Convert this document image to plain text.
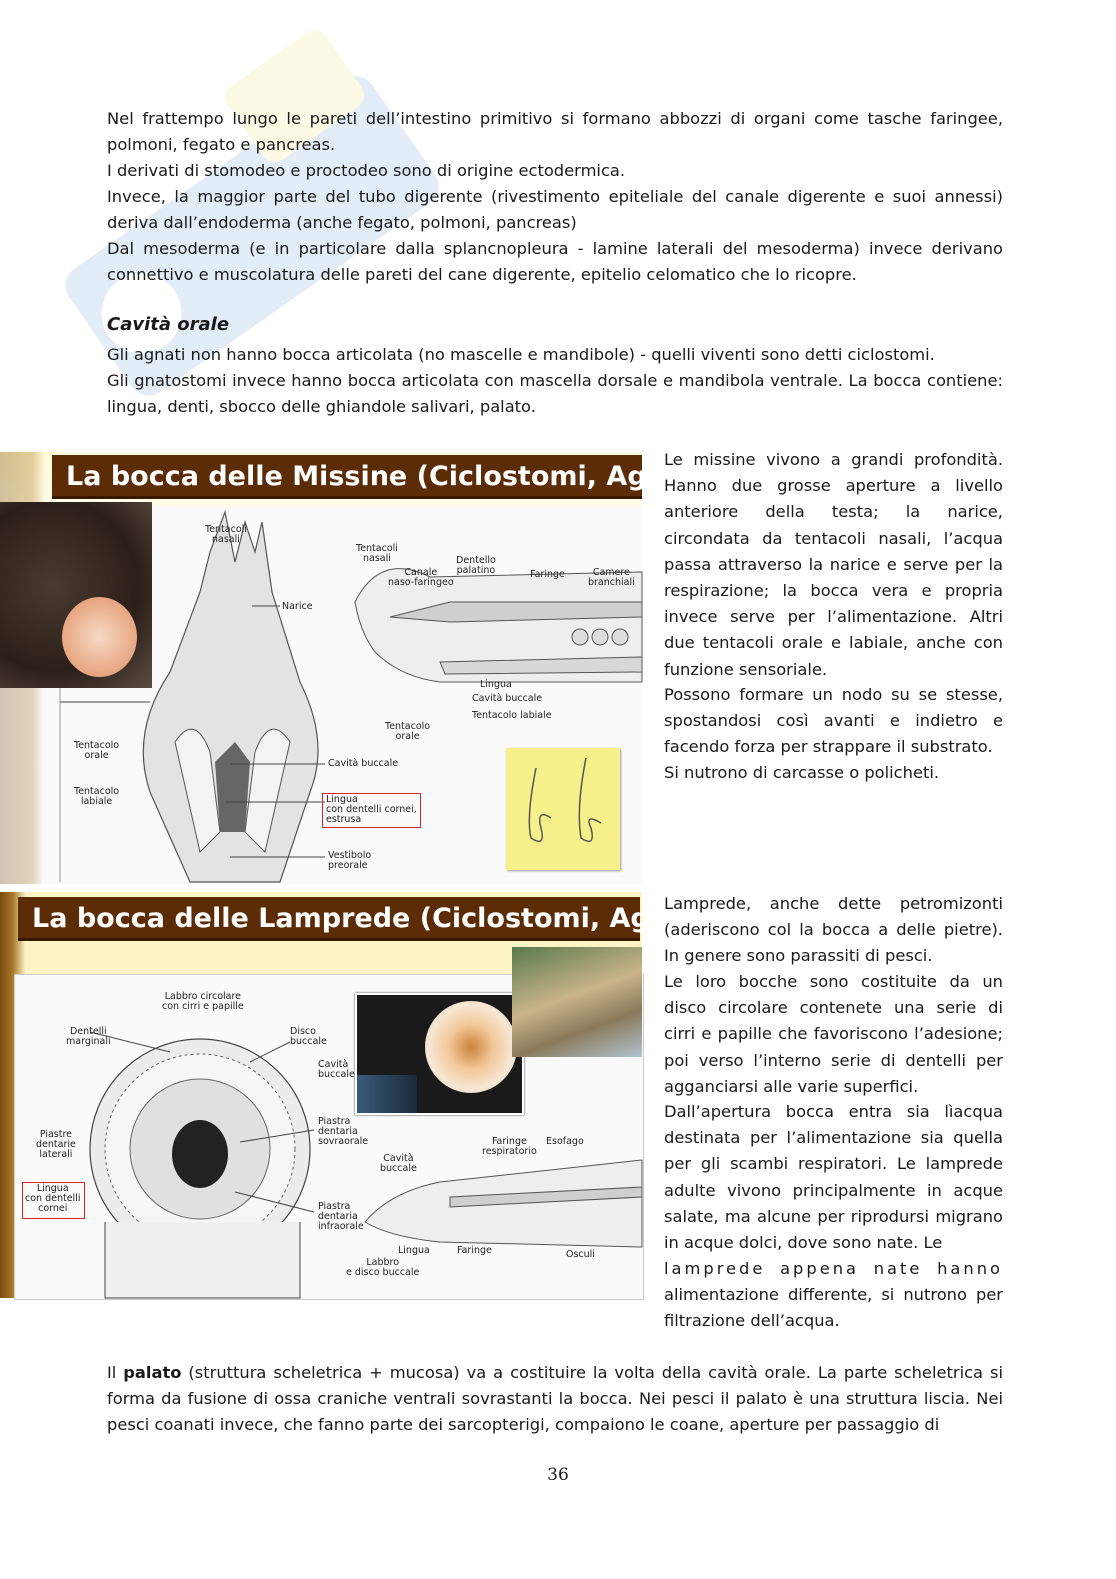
Nel frattempo lungo le pareti dell’intestino primitivo si formano abbozzi di organi come tasche faringee, polmoni, fegato e pancreas.

I derivati di stomodeo e proctodeo sono di origine ectodermica.

Invece, la maggior parte del tubo digerente (rivestimento epiteliale del canale digerente e suoi annessi) deriva dall’endoderma (anche fegato, polmoni, pancreas)

Dal mesoderma (e in particolare dalla splancnopleura - lamine laterali del mesoderma) invece derivano connettivo e muscolatura delle pareti del cane digerente, epitelio celomatico che lo ricopre.

Cavità orale

Gli agnati non hanno bocca articolata (no mascelle e mandibole) - quelli viventi sono detti ciclostomi.

Gli gnatostomi invece hanno bocca articolata con mascella dorsale e mandibola ventrale. La bocca contiene: lingua, denti, sbocco delle ghiandole salivari, palato.

La bocca delle Missine (Ciclostomi, Agnati)
Tentacoli
nasali
Narice
Tentacoli
nasali
Canale
naso-faringeo
Dentello
palatino	Faringe	Camere
branchiali
Lingua
Cavità buccale
Tentacolo labiale
Tentacolo
orale
Tentacolo
orale
Cavità buccale
Tentacolo
labiale	Lingua
con dentelli cornei,
estrusa
Vestibolo
preorale

Le missine vivono a grandi profondità. Hanno due grosse aperture a livello anteriore della testa; la narice, circondata da tentacoli nasali, l’acqua passa attraverso la narice e serve per la respirazione; la bocca vera e propria invece serve per l’alimentazione. Altri due tentacoli orale e labiale, anche con funzione sensoriale.

Possono formare un nodo su se stesse, spostandosi così avanti e indietro e facendo forza per strappare il substrato.

Si nutrono di carcasse o policheti.

La bocca delle Lamprede (Ciclostomi, Agnati)
Labbro circolare
con cirri e papille
Dentelli
marginali
Disco
buccale
Cavità
buccale
Piastre
dentarie
laterali
Piastra
dentaria
sovraorale
Lingua
con dentelli
cornei	Piastra
dentaria
infraorale
Faringe
respiratorio
Esofago
Cavità
buccale
Lingua	Faringe	Osculi
Labbro
e disco buccale

Lamprede, anche dette petromizonti (aderiscono col la bocca a delle pietre). In genere sono parassiti di pesci.

Le loro bocche sono costituite da un disco circolare contenete una serie di cirri e papille che favoriscono l’adesione; poi verso l’interno serie di dentelli per agganciarsi alle varie superfici.

Dall’apertura bocca entra sia lìacqua destinata per l’alimentazione sia quella per gli scambi respiratori. Le lamprede adulte vivono principalmente in acque salate, ma alcune per riprodursi migrano in acque dolci, dove sono nate. Le

lamprede appena nate hanno

alimentazione differente, si nutrono per filtrazione dell’acqua.

Il palato (struttura scheletrica + mucosa) va a costituire la volta della cavità orale. La parte scheletrica si forma da fusione di ossa craniche ventrali sovrastanti la bocca. Nei pesci il palato è una struttura liscia. Nei pesci coanati invece, che fanno parte dei sarcopterigi, compaiono le coane, aperture per passaggio di

36
